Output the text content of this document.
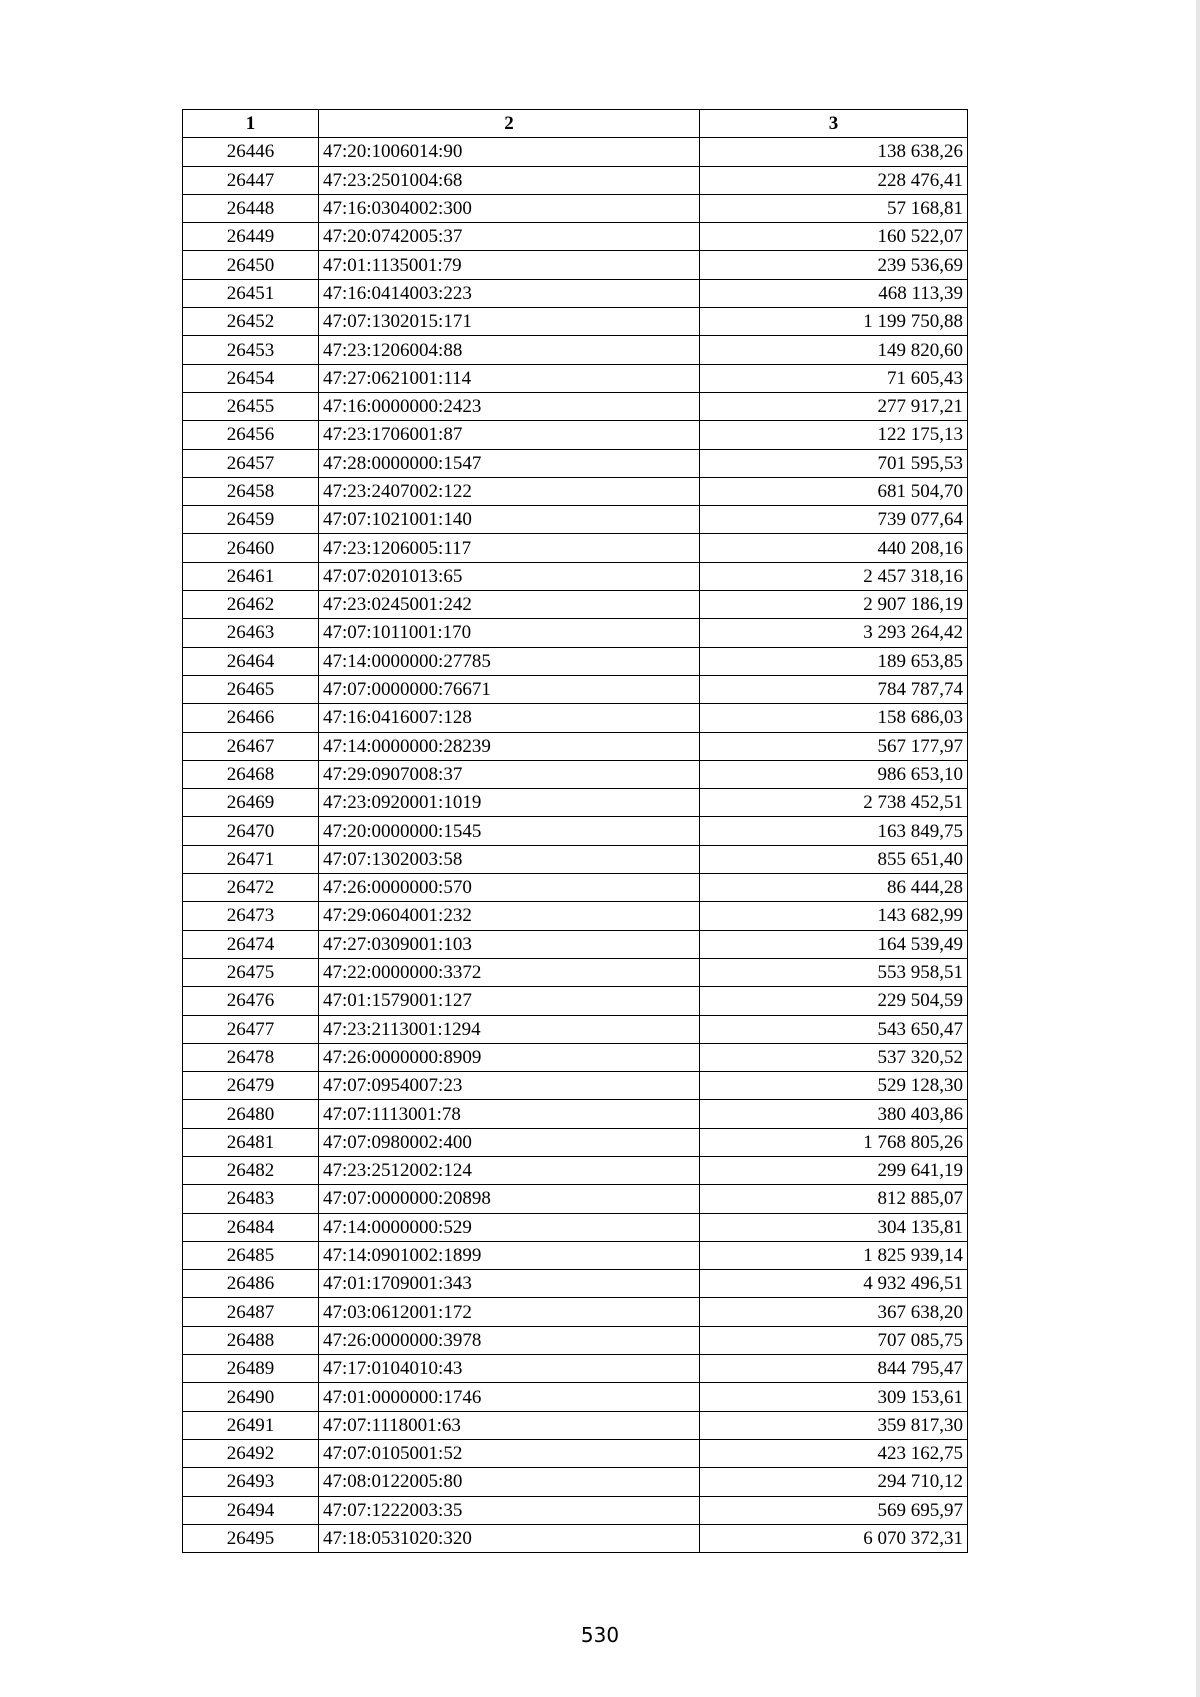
1	2	3
26446	47:20:1006014:90	138 638,26
26447	47:23:2501004:68	228 476,41
26448	47:16:0304002:300	57 168,81
26449	47:20:0742005:37	160 522,07
26450	47:01:1135001:79	239 536,69
26451	47:16:0414003:223	468 113,39
26452	47:07:1302015:171	1 199 750,88
26453	47:23:1206004:88	149 820,60
26454	47:27:0621001:114	71 605,43
26455	47:16:0000000:2423	277 917,21
26456	47:23:1706001:87	122 175,13
26457	47:28:0000000:1547	701 595,53
26458	47:23:2407002:122	681 504,70
26459	47:07:1021001:140	739 077,64
26460	47:23:1206005:117	440 208,16
26461	47:07:0201013:65	2 457 318,16
26462	47:23:0245001:242	2 907 186,19
26463	47:07:1011001:170	3 293 264,42
26464	47:14:0000000:27785	189 653,85
26465	47:07:0000000:76671	784 787,74
26466	47:16:0416007:128	158 686,03
26467	47:14:0000000:28239	567 177,97
26468	47:29:0907008:37	986 653,10
26469	47:23:0920001:1019	2 738 452,51
26470	47:20:0000000:1545	163 849,75
26471	47:07:1302003:58	855 651,40
26472	47:26:0000000:570	86 444,28
26473	47:29:0604001:232	143 682,99
26474	47:27:0309001:103	164 539,49
26475	47:22:0000000:3372	553 958,51
26476	47:01:1579001:127	229 504,59
26477	47:23:2113001:1294	543 650,47
26478	47:26:0000000:8909	537 320,52
26479	47:07:0954007:23	529 128,30
26480	47:07:1113001:78	380 403,86
26481	47:07:0980002:400	1 768 805,26
26482	47:23:2512002:124	299 641,19
26483	47:07:0000000:20898	812 885,07
26484	47:14:0000000:529	304 135,81
26485	47:14:0901002:1899	1 825 939,14
26486	47:01:1709001:343	4 932 496,51
26487	47:03:0612001:172	367 638,20
26488	47:26:0000000:3978	707 085,75
26489	47:17:0104010:43	844 795,47
26490	47:01:0000000:1746	309 153,61
26491	47:07:1118001:63	359 817,30
26492	47:07:0105001:52	423 162,75
26493	47:08:0122005:80	294 710,12
26494	47:07:1222003:35	569 695,97
26495	47:18:0531020:320	6 070 372,31
530
